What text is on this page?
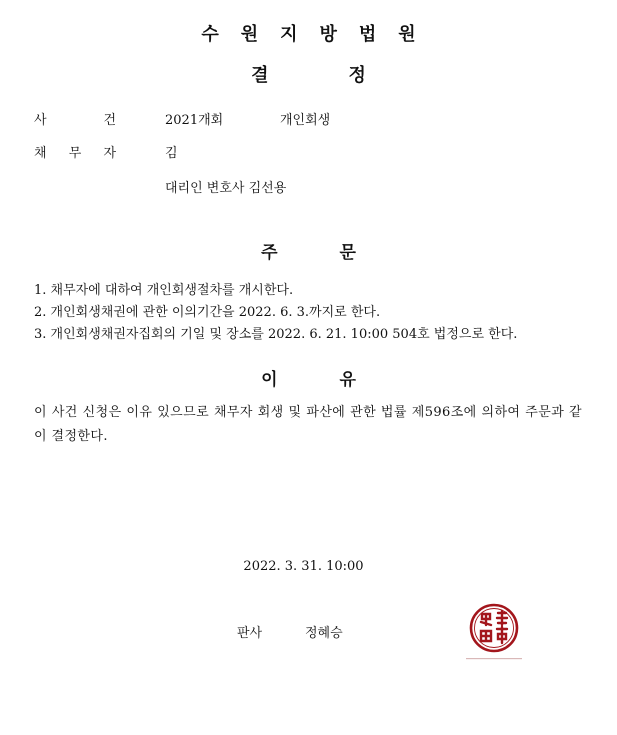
수원지방법원
결정
사	건	2021개회	개인회생
채 무 자	김
대리인 변호사 김선용
주문
1. 채무자에 대하여 개인회생절차를 개시한다.
2. 개인회생채권에 관한 이의기간을 2022. 6. 3.까지로 한다.
3. 개인회생채권자집회의 기일 및 장소를 2022. 6. 21. 10:00 504호 법정으로 한다.
이유
이 사건 신청은 이유 있으므로 채무자 회생 및 파산에 관한 법률 제596조에 의하여 주문과 같이 결정한다.
2022. 3. 31. 10:00
판사	정혜승
